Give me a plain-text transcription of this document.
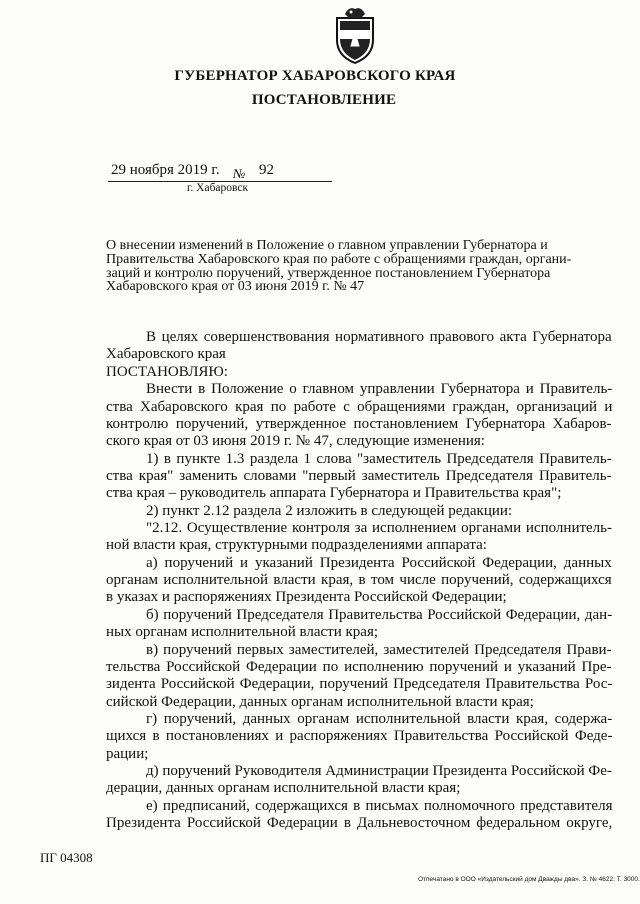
ГУБЕРНАТОР ХАБАРОВСКОГО КРАЯ
ПОСТАНОВЛЕНИЕ
29 ноября 2019 г. № 92
г. Хабаровск
О внесении изменений в Положение о главном управлении Губернатора и
Правительства Хабаровского края по работе с обращениями граждан, органи-
заций и контролю поручений, утвержденное постановлением Губернатора
Хабаровского края от 03 июня 2019 г. № 47
В целях совершенствования нормативного правового акта Губернатора
Хабаровского края
ПОСТАНОВЛЯЮ:
Внести в Положение о главном управлении Губернатора и Правитель-
ства Хабаровского края по работе с обращениями граждан, организаций и
контролю поручений, утвержденное постановлением Губернатора Хабаров-
ского края от 03 июня 2019 г. № 47, следующие изменения:
1) в пункте 1.3 раздела 1 слова "заместитель Председателя Правитель-
ства края" заменить словами "первый заместитель Председателя Правитель-
ства края – руководитель аппарата Губернатора и Правительства края";
2) пункт 2.12 раздела 2 изложить в следующей редакции:
"2.12. Осуществление контроля за исполнением органами исполнитель-
ной власти края, структурными подразделениями аппарата:
а) поручений и указаний Президента Российской Федерации, данных
органам исполнительной власти края, в том числе поручений, содержащихся
в указах и распоряжениях Президента Российской Федерации;
б) поручений Председателя Правительства Российской Федерации, дан-
ных органам исполнительной власти края;
в) поручений первых заместителей, заместителей Председателя Прави-
тельства Российской Федерации по исполнению поручений и указаний Пре-
зидента Российской Федерации, поручений Председателя Правительства Рос-
сийской Федерации, данных органам исполнительной власти края;
г) поручений, данных органам исполнительной власти края, содержа-
щихся в постановлениях и распоряжениях Правительства Российской Феде-
рации;
д) поручений Руководителя Администрации Президента Российской Фе-
дерации, данных органам исполнительной власти края;
е) предписаний, содержащихся в письмах полномочного представителя
Президента Российской Федерации в Дальневосточном федеральном округе,
ПГ 04308
Отпечатано в ООО «Издательский дом Дважды два». З. № 4622. Т. 3000.
